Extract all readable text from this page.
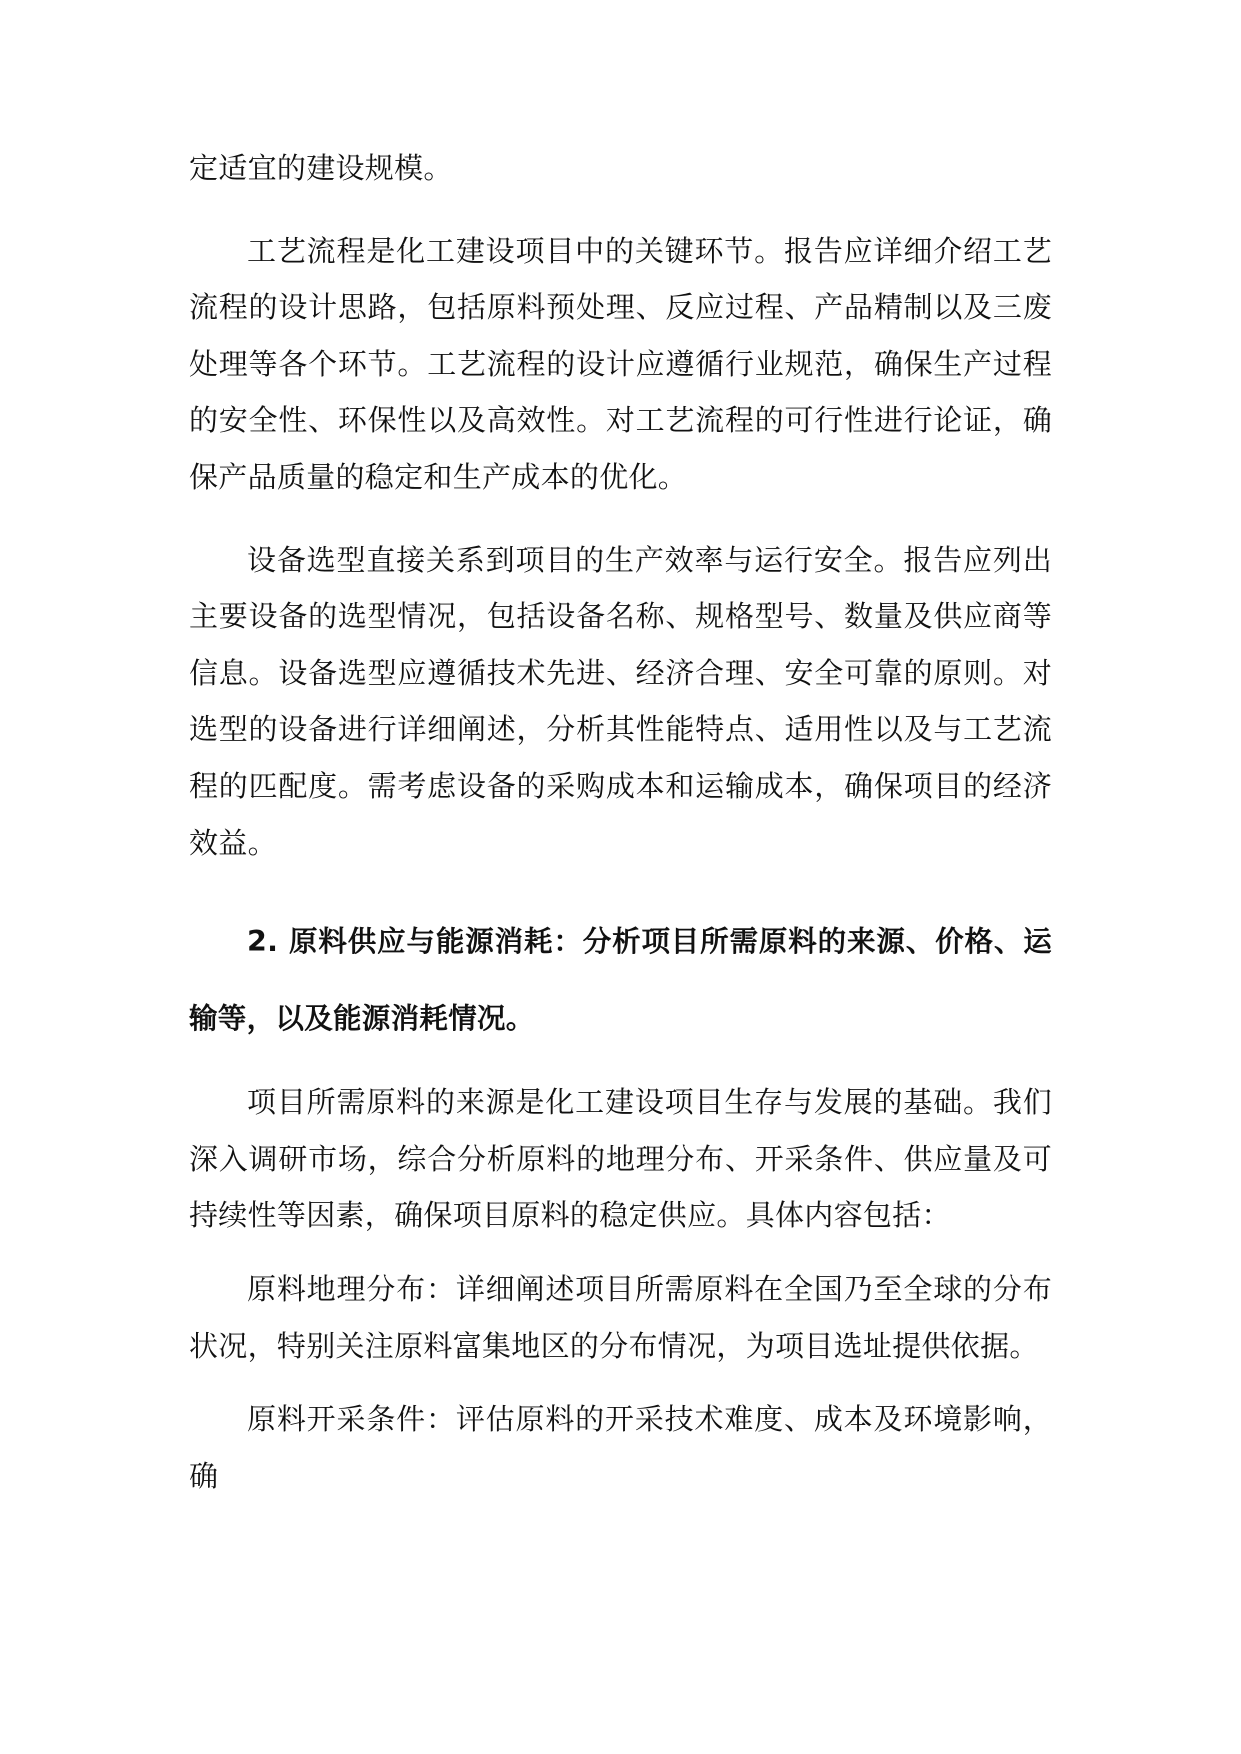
定适宜的建设规模。

工艺流程是化工建设项目中的关键环节。报告应详细介绍工艺流程的设计思路，包括原料预处理、反应过程、产品精制以及三废处理等各个环节。工艺流程的设计应遵循行业规范，确保生产过程的安全性、环保性以及高效性。对工艺流程的可行性进行论证，确保产品质量的稳定和生产成本的优化。

设备选型直接关系到项目的生产效率与运行安全。报告应列出主要设备的选型情况，包括设备名称、规格型号、数量及供应商等信息。设备选型应遵循技术先进、经济合理、安全可靠的原则。对选型的设备进行详细阐述，分析其性能特点、适用性以及与工艺流程的匹配度。需考虑设备的采购成本和运输成本，确保项目的经济效益。

2. 原料供应与能源消耗：分析项目所需原料的来源、价格、运输等，以及能源消耗情况。

项目所需原料的来源是化工建设项目生存与发展的基础。我们深入调研市场，综合分析原料的地理分布、开采条件、供应量及可持续性等因素，确保项目原料的稳定供应。具体内容包括：

原料地理分布：详细阐述项目所需原料在全国乃至全球的分布状况，特别关注原料富集地区的分布情况，为项目选址提供依据。

原料开采条件：评估原料的开采技术难度、成本及环境影响，确
